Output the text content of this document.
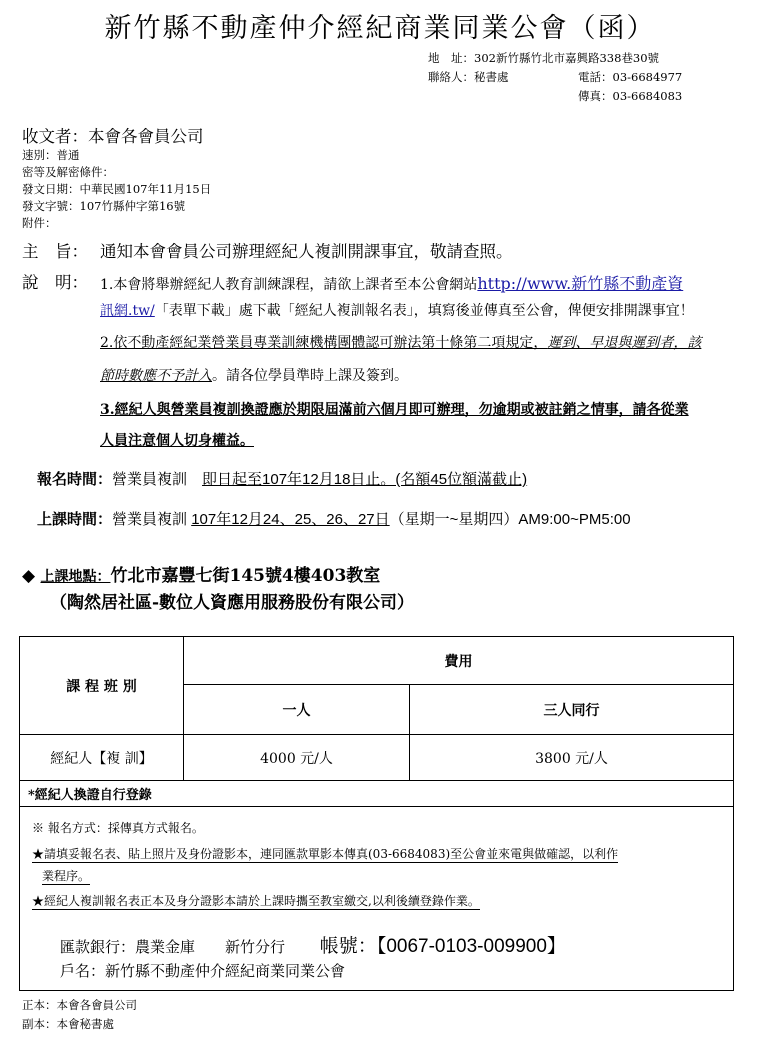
新竹縣不動產仲介經紀商業同業公會（函）
地　址：302新竹縣竹北市嘉興路338巷30號
聯絡人：秘書處	電話：03-6684977
傳真：03-6684083
收文者：本會各會員公司
速別：普通
密等及解密條件：
發文日期：中華民國107年11月15日
發文字號：107竹縣仲字第16號
附件：
主　旨： 通知本會會員公司辦理經紀人複訓開課事宜，敬請查照。
說　明： 1.本會將舉辦經紀人教育訓練課程，請欲上課者至本公會網站http://www.新竹縣不動產資
訊網.tw/「表單下載」處下載「經紀人複訓報名表」，填寫後並傳真至公會，俾便安排開課事宜！
2.依不動產經紀業營業員專業訓練機構團體認可辦法第十條第二項規定，遲到、早退與遲到者，該
節時數應不予計入。請各位學員準時上課及簽到。
3.經紀人與營業員複訓換證應於期限屆滿前六個月即可辦理，勿逾期或被註銷之情事，請各從業
人員注意個人切身權益。
報名時間：營業員複訓　即日起至107年12月18日止。(名額45位額滿截止)
上課時間：營業員複訓 107年12月24、25、26、27日（星期一~星期四）AM9:00~PM5:00
◆ 上課地點：竹北市嘉豐七街145號4樓403教室
（陶然居社區-數位人資應用服務股份有限公司）
課 程 班 別	費用	
	一人	三人同行
經紀人【複 訓】	4000 元/人	3800 元/人
*經紀人換證自行登錄		
※ 報名方式：採傳真方式報名。
★請填妥報名表、貼上照片及身份證影本，連同匯款單影本傳真(03-6684083)至公會並來電與做確認，以利作
業程序。
★經紀人複訓報名表正本及身分證影本請於上課時攜至教室繳交,以利後續登錄作業。
匯款銀行：農業金庫　　新竹分行　　 帳號：【0067-0103-009900】
戶名：新竹縣不動產仲介經紀商業同業公會
正本：本會各會員公司
副本：本會秘書處
